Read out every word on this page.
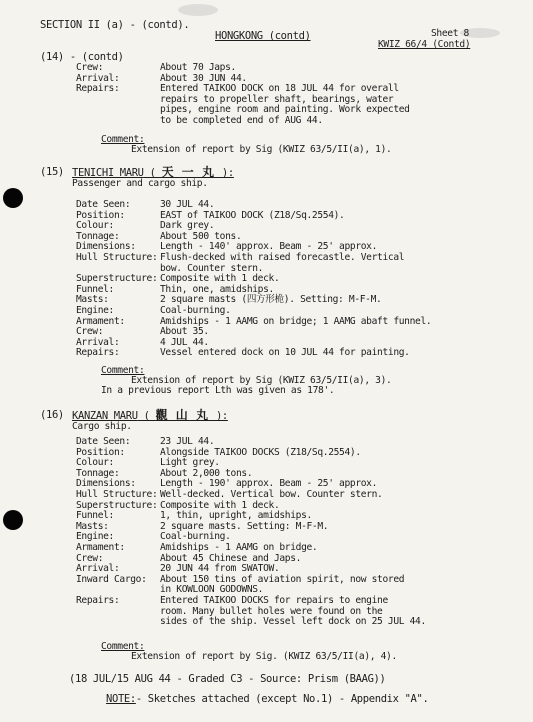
SECTION II (a) - (contd).
HONGKONG (contd)	Sheet 8
KWIZ 66/4 (Contd)
(14) - (contd)
Crew:	About 70 Japs.
Arrival:	About 30 JUN 44.
Repairs:	Entered TAIKOO DOCK on 18 JUL 44 for overall
repairs to propeller shaft, bearings, water
pipes, engine room and painting. Work expected
to be completed end of AUG 44.
Comment:
Extension of report by Sig (KWIZ 63/5/II(a), 1).
(15) TENICHI MARU ( 天 一 丸 ):
Passenger and cargo ship.
Date Seen:	30 JUL 44.
Position:	EAST of TAIKOO DOCK (Z18/Sq.2554).
Colour:	Dark grey.
Tonnage:	About 500 tons.
Dimensions:	Length - 140' approx. Beam - 25' approx.
Hull Structure: Flush-decked with raised forecastle. Vertical
bow. Counter stern.
Superstructure: Composite with 1 deck.
Funnel:	Thin, one, amidships.
Masts:	2 square masts (四方形桅). Setting: M-F-M.
Engine:	Coal-burning.
Armament:	Amidships - 1 AAMG on bridge; 1 AAMG abaft funnel.
Crew:	About 35.
Arrival:	4 JUL 44.
Repairs:	Vessel entered dock on 10 JUL 44 for painting.
Comment:
Extension of report by Sig (KWIZ 63/5/II(a), 3).
In a previous report Lth was given as 178'.
(16) KANZAN MARU ( 觀 山 丸 ):
Cargo ship.
Date Seen:	23 JUL 44.
Position:	Alongside TAIKOO DOCKS (Z18/Sq.2554).
Colour:	Light grey.
Tonnage:	About 2,000 tons.
Dimensions:	Length - 190' approx. Beam - 25' approx.
Hull Structure: Well-decked. Vertical bow. Counter stern.
Superstructure: Composite with 1 deck.
Funnel:	1, thin, upright, amidships.
Masts:	2 square masts. Setting: M-F-M.
Engine:	Coal-burning.
Armament:	Amidships - 1 AAMG on bridge.
Crew:	About 45 Chinese and Japs.
Arrival:	20 JUN 44 from SWATOW.
Inward Cargo: About 150 tins of aviation spirit, now stored
in KOWLOON GODOWNS.
Repairs:	Entered TAIKOO DOCKS for repairs to engine
room. Many bullet holes were found on the
sides of the ship. Vessel left dock on 25 JUL 44.
Comment:
Extension of report by Sig. (KWIZ 63/5/II(a), 4).
(18 JUL/15 AUG 44 - Graded C3 - Source: Prism (BAAG))
NOTE:- Sketches attached (except No.1) - Appendix "A".
